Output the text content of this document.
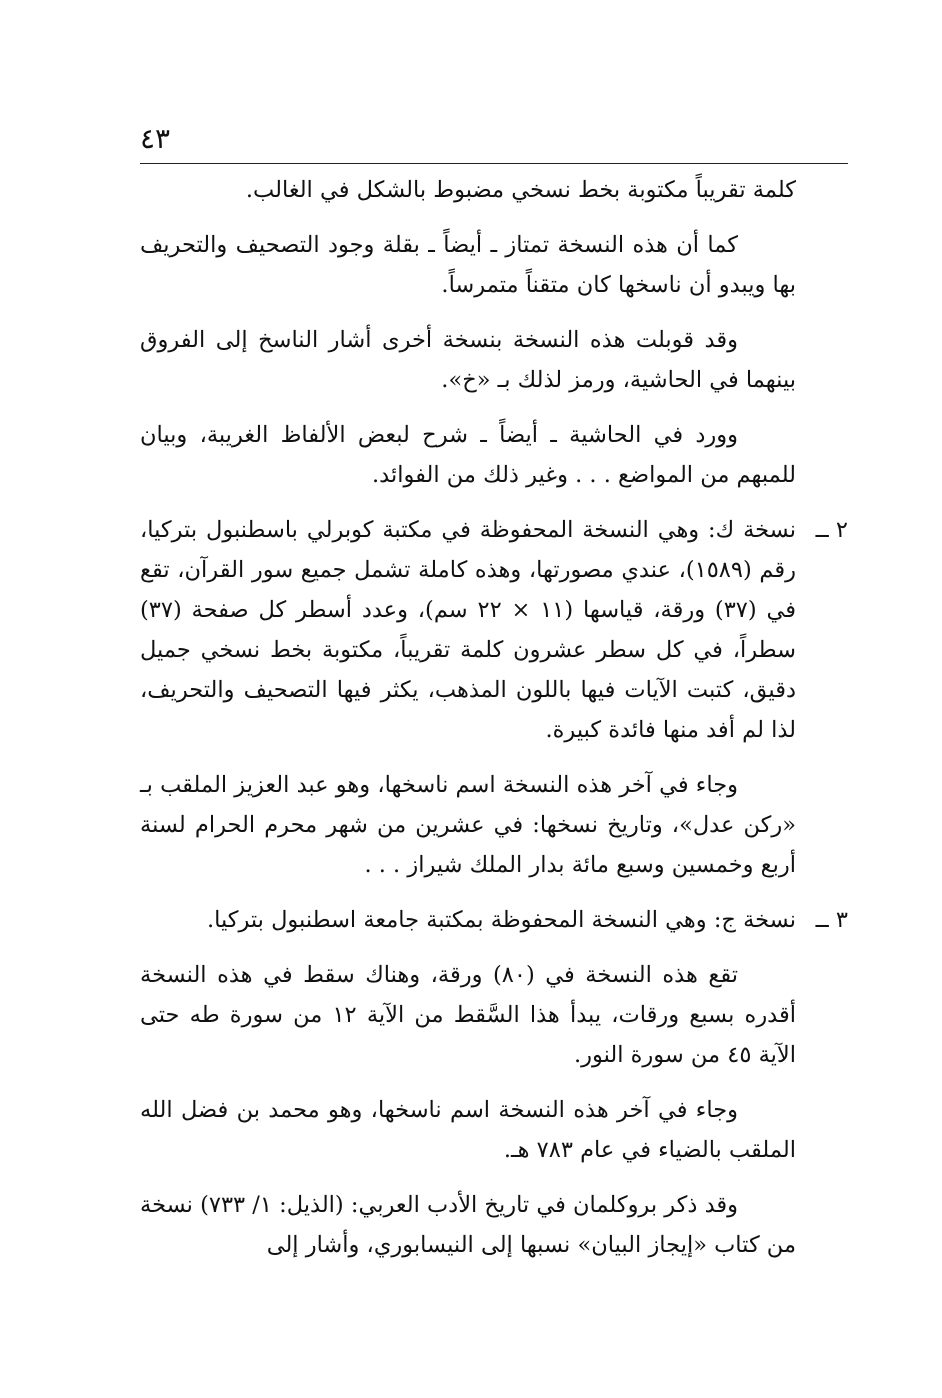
٤٣

كلمة تقريباً مكتوبة بخط نسخي مضبوط بالشكل في الغالب.

كما أن هذه النسخة تمتاز ـ أيضاً ـ بقلة وجود التصحيف والتحريف بها ويبدو أن ناسخها كان متقناً متمرساً.

وقد قوبلت هذه النسخة بنسخة أخرى أشار الناسخ إلى الفروق بينهما في الحاشية، ورمز لذلك بـ «خ».

وورد في الحاشية ـ أيضاً ـ شرح لبعض الألفاظ الغريبة، وبيان للمبهم من المواضع . . . وغير ذلك من الفوائد.

٢ ــ

نسخة ك: وهي النسخة المحفوظة في مكتبة كوبرلي باسطنبول بتركيا، رقم (١٥٨٩)، عندي مصورتها، وهذه كاملة تشمل جميع سور القرآن، تقع في (٣٧) ورقة، قياسها (١١ × ٢٢ سم)، وعدد أسطر كل صفحة (٣٧) سطراً، في كل سطر عشرون كلمة تقريباً، مكتوبة بخط نسخي جميل دقيق، كتبت الآيات فيها باللون المذهب، يكثر فيها التصحيف والتحريف، لذا لم أفد منها فائدة كبيرة.

وجاء في آخر هذه النسخة اسم ناسخها، وهو عبد العزيز الملقب بـ «ركن عدل»، وتاريخ نسخها: في عشرين من شهر محرم الحرام لسنة أربع وخمسين وسبع مائة بدار الملك شيراز . . .

٣ ــ

نسخة ج: وهي النسخة المحفوظة بمكتبة جامعة اسطنبول بتركيا.

تقع هذه النسخة في (٨٠) ورقة، وهناك سقط في هذه النسخة أقدره بسبع ورقات، يبدأ هذا السَّقط من الآية ١٢ من سورة طه حتى الآية ٤٥ من سورة النور.

وجاء في آخر هذه النسخة اسم ناسخها، وهو محمد بن فضل الله الملقب بالضياء في عام ٧٨٣ هـ.

وقد ذكر بروكلمان في تاريخ الأدب العربي: (الذيل: ١/ ٧٣٣) نسخة من كتاب «إيجاز البيان» نسبها إلى النيسابوري، وأشار إلى
